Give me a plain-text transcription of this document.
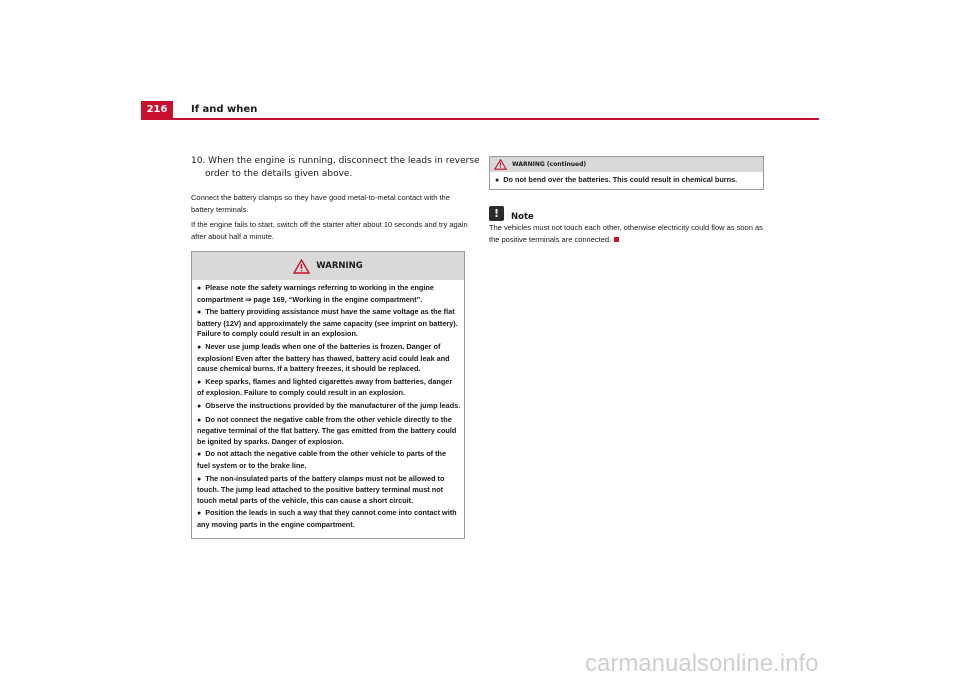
216	If and when
10. When the engine is running, disconnect the leads in reverse order to the details given above.
Connect the battery clamps so they have good metal-to-metal contact with the battery terminals.
If the engine fails to start, switch off the starter after about 10 seconds and try again after about half a minute.
WARNING
● Please note the safety warnings referring to working in the engine compartment ⇒ page 169, “Working in the engine compartment”.
● The battery providing assistance must have the same voltage as the flat battery (12V) and approximately the same capacity (see imprint on battery). Failure to comply could result in an explosion.
● Never use jump leads when one of the batteries is frozen. Danger of explosion! Even after the battery has thawed, battery acid could leak and cause chemical burns. If a battery freezes, it should be replaced.
● Keep sparks, flames and lighted cigarettes away from batteries, danger of explosion. Failure to comply could result in an explosion.
● Observe the instructions provided by the manufacturer of the jump leads.
● Do not connect the negative cable from the other vehicle directly to the negative terminal of the flat battery. The gas emitted from the battery could be ignited by sparks. Danger of explosion.
● Do not attach the negative cable from the other vehicle to parts of the fuel system or to the brake line.
● The non-insulated parts of the battery clamps must not be allowed to touch. The jump lead attached to the positive battery terminal must not touch metal parts of the vehicle, this can cause a short circuit.
● Position the leads in such a way that they cannot come into contact with any moving parts in the engine compartment.
WARNING (continued)
● Do not bend over the batteries. This could result in chemical burns.
!	Note
The vehicles must not touch each other, otherwise electricity could flow as soon as the positive terminals are connected.
carmanualsonline.info
